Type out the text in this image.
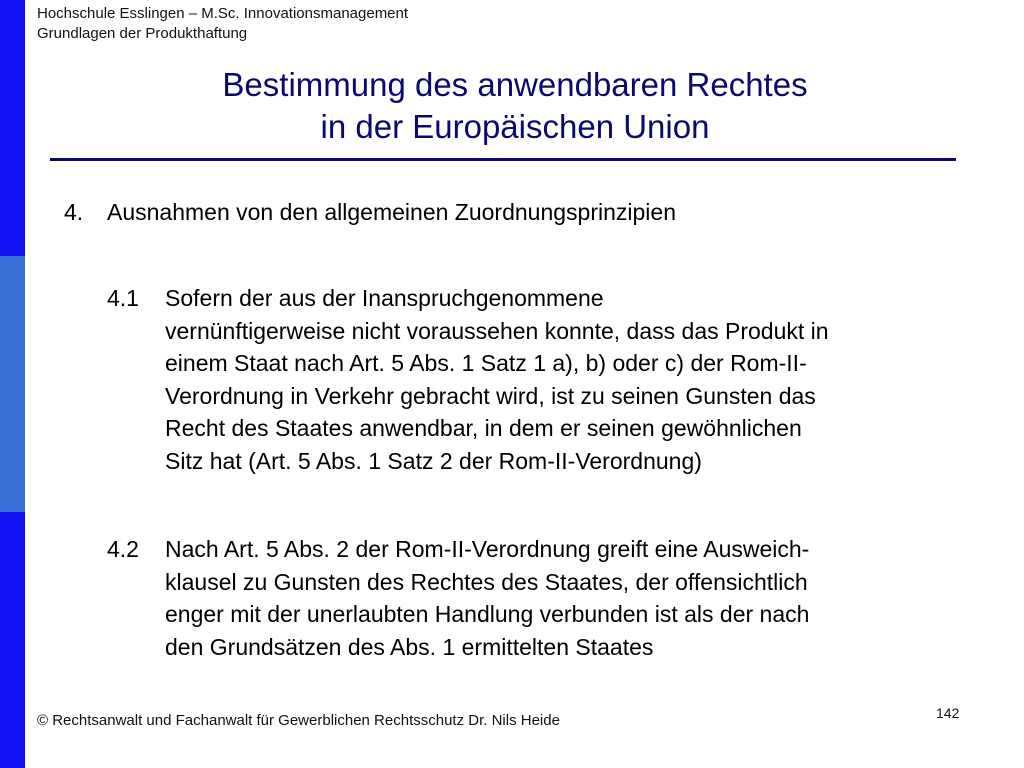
Hochschule Esslingen – M.Sc. Innovationsmanagement
Grundlagen der Produkthaftung
Bestimmung des anwendbaren Rechtes
in der Europäischen Union
4. Ausnahmen von den allgemeinen Zuordnungsprinzipien
4.1 Sofern der aus der Inanspruchgenommene
vernünftigerweise nicht voraussehen konnte, dass das Produkt in
einem Staat nach Art. 5 Abs. 1 Satz 1 a), b) oder c) der Rom-II-
Verordnung in Verkehr gebracht wird, ist zu seinen Gunsten das
Recht des Staates anwendbar, in dem er seinen gewöhnlichen
Sitz hat (Art. 5 Abs. 1 Satz 2 der Rom-II-Verordnung)
4.2 Nach Art. 5 Abs. 2 der Rom-II-Verordnung greift eine Ausweich-
klausel zu Gunsten des Rechtes des Staates, der offensichtlich
enger mit der unerlaubten Handlung verbunden ist als der nach
den Grundsätzen des Abs. 1 ermittelten Staates
© Rechtsanwalt und Fachanwalt für Gewerblichen Rechtsschutz Dr. Nils Heide	142
